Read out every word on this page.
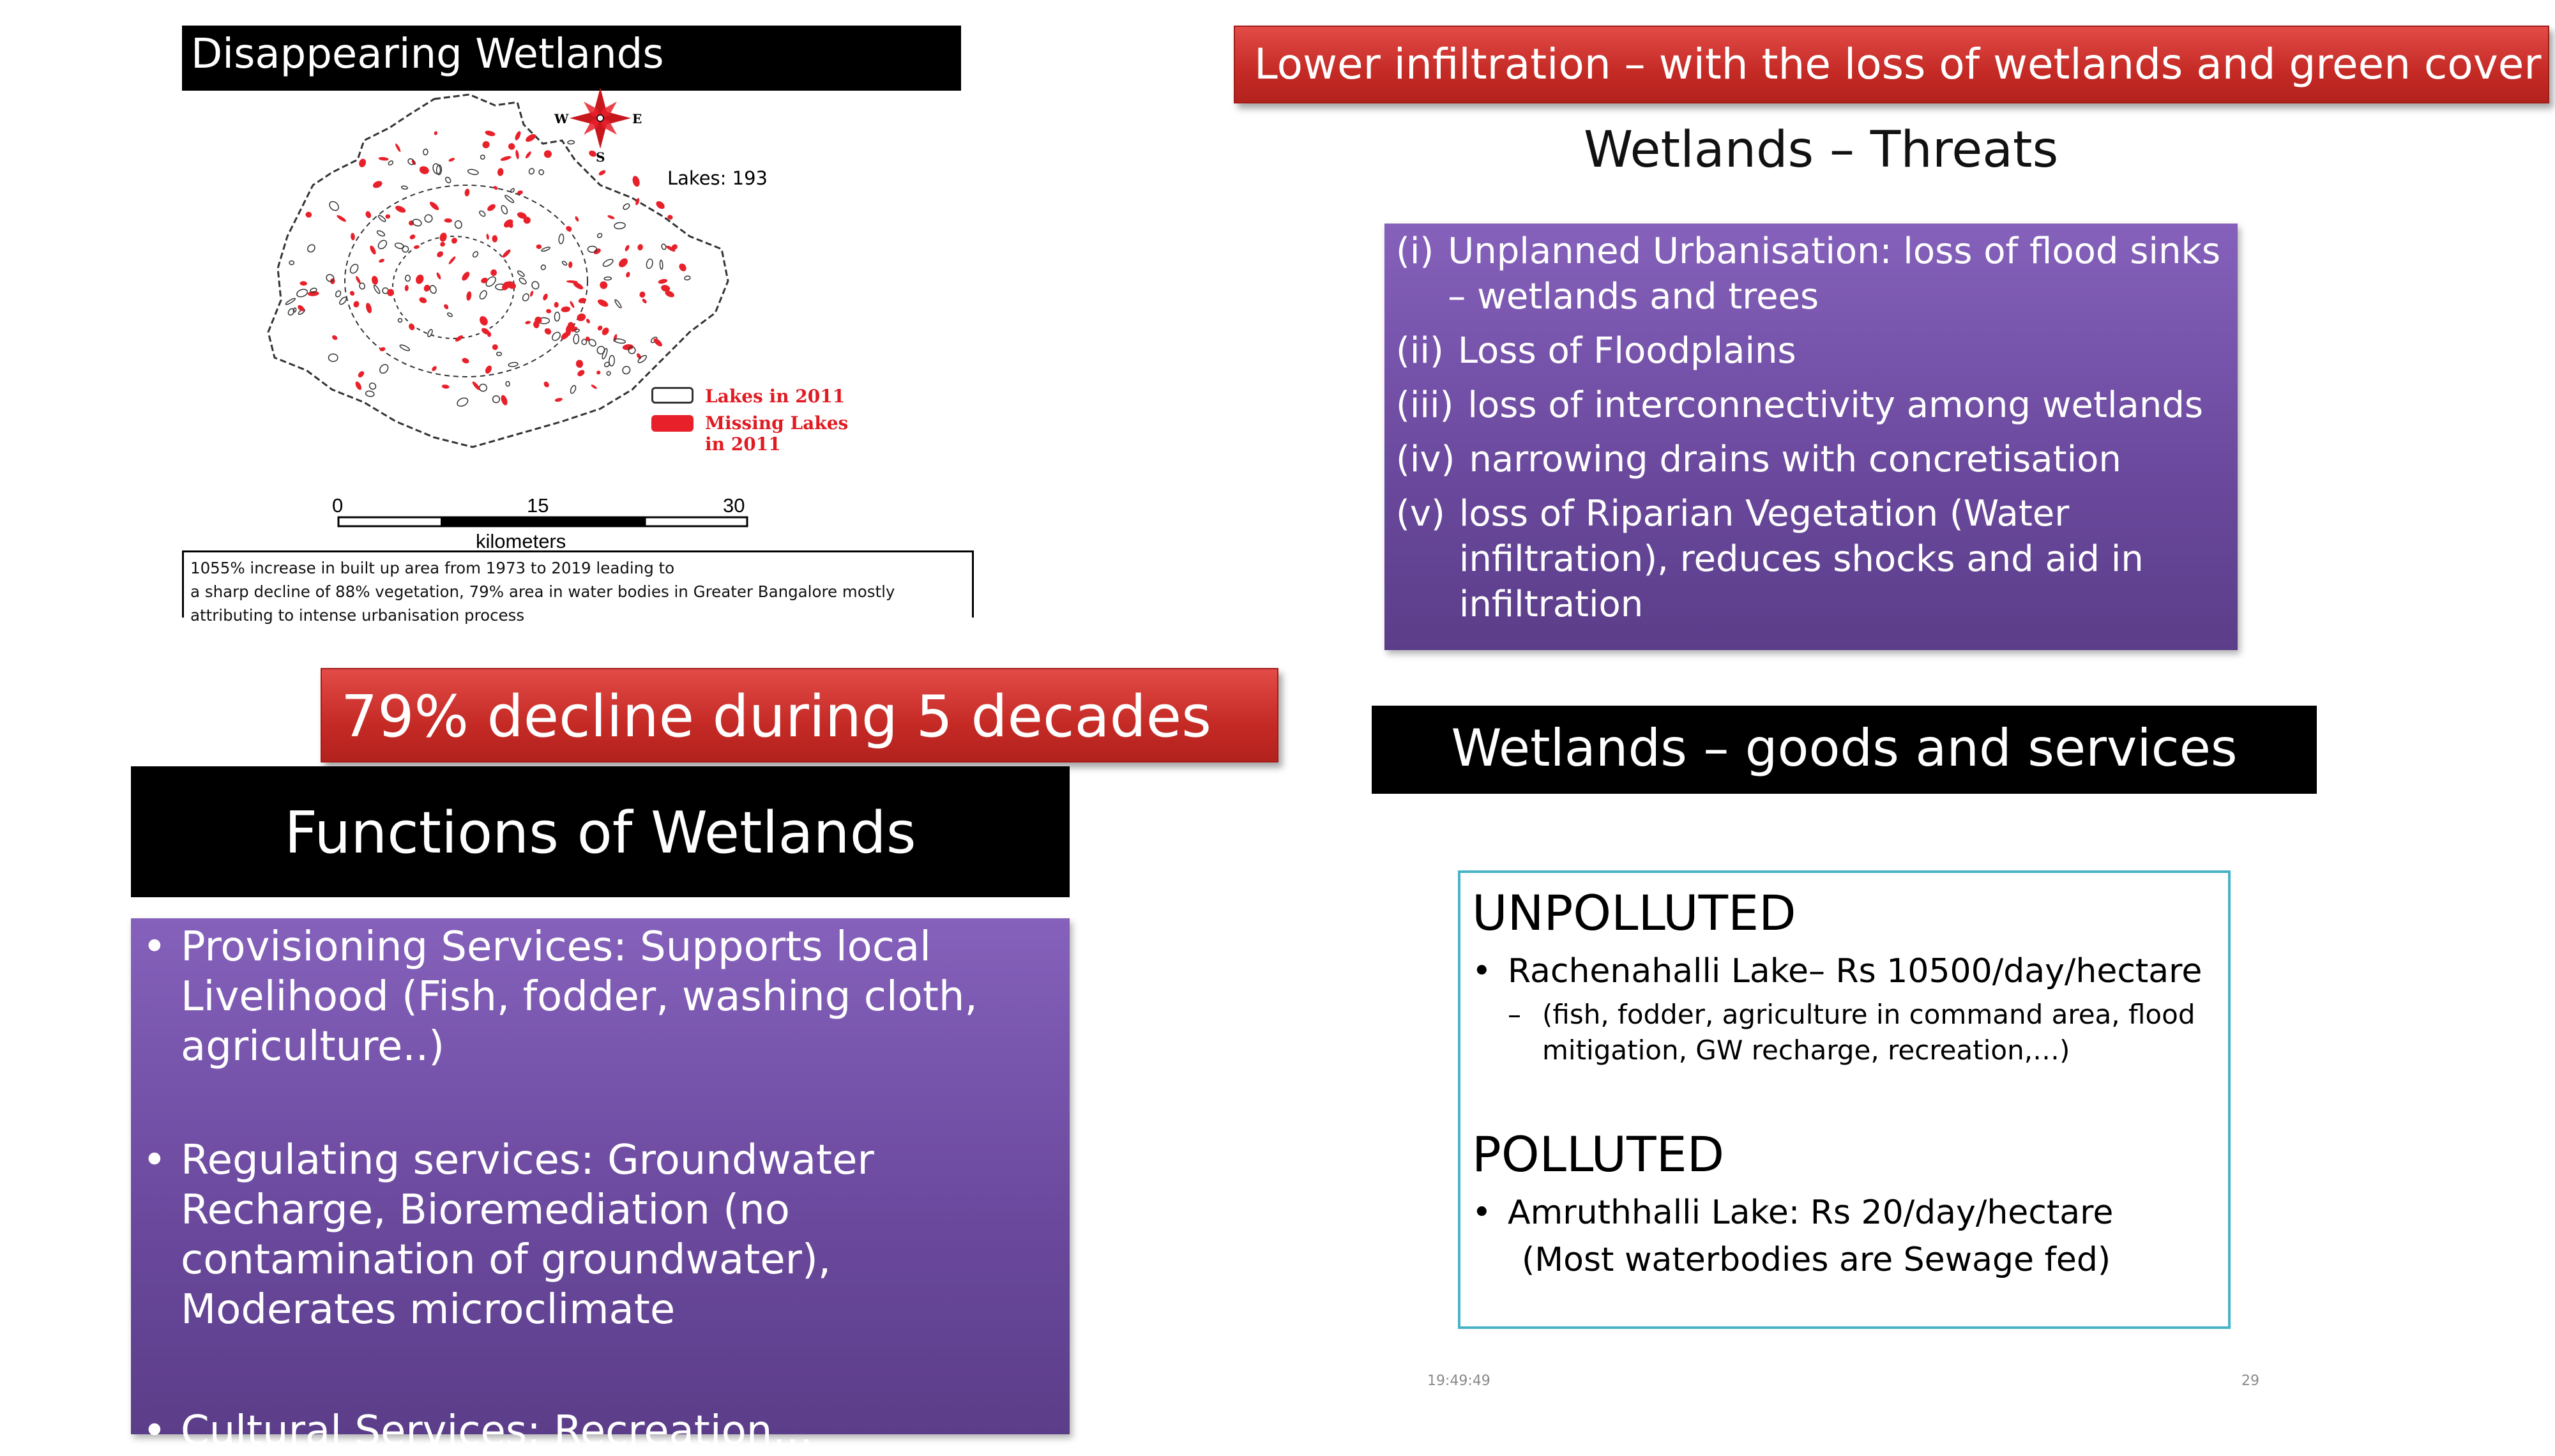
Disappearing Wetlands
N
E
S
W
Lakes: 193
Lakes in 2011
Missing Lakes
in 2011
0	15	30
kilometers
1055% increase in built up area from 1973 to 2019 leading to
a sharp decline of 88% vegetation, 79% area in water bodies in Greater Bangalore mostly
attributing to intense urbanisation process
Lower infiltration – with the loss of wetlands and green cover
79% decline during 5 decades
Wetlands – Threats
(i) Unplanned Urbanisation: loss of flood sinks – wetlands and trees
(ii) Loss of Floodplains
(iii) loss of interconnectivity among wetlands
(iv) narrowing drains with concretisation
(v) loss of Riparian Vegetation (Water infiltration), reduces shocks and aid in infiltration
Wetlands – goods and services
Functions of Wetlands
• Provisioning Services: Supports local Livelihood (Fish, fodder, washing cloth, agriculture..)
• Regulating services: Groundwater Recharge, Bioremediation (no contamination of groundwater), Moderates microclimate
• Cultural Services: Recreation…
UNPOLLUTED
• Rachenahalli Lake– Rs 10500/day/hectare
– (fish, fodder, agriculture in command area, flood mitigation, GW recharge, recreation,…)
POLLUTED
• Amruthhalli Lake: Rs 20/day/hectare
(Most waterbodies are Sewage fed)
19:49:49	29
